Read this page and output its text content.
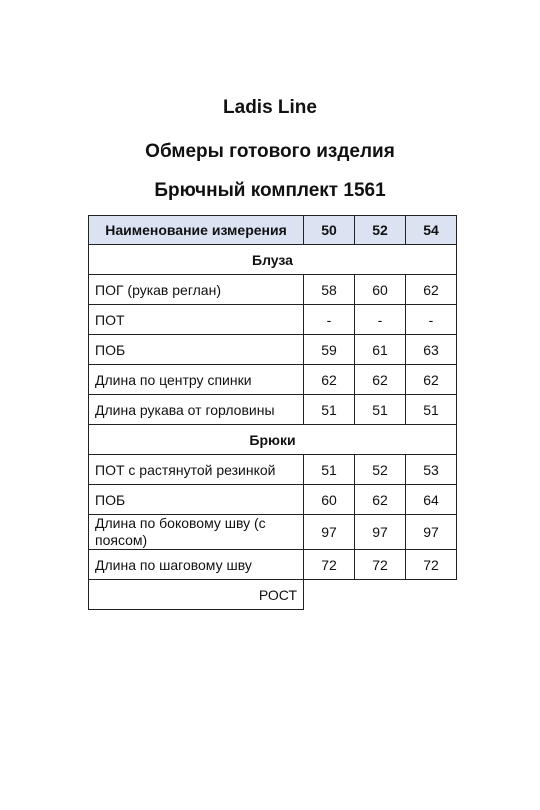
Ladis Line
Обмеры готового изделия
Брючный комплект 1561
Наименование измерения	50	52	54
Блуза			
ПОГ (рукав реглан)	58	60	62
ПОТ	-	-	-
ПОБ	59	61	63
Длина по центру спинки	62	62	62
Длина рукава от горловины	51	51	51
Брюки			
ПОТ с растянутой резинкой	51	52	53
ПОБ	60	62	64
Длина по боковому шву (с поясом)	97	97	97
Длина по шаговому шву	72	72	72
РОСТ			
